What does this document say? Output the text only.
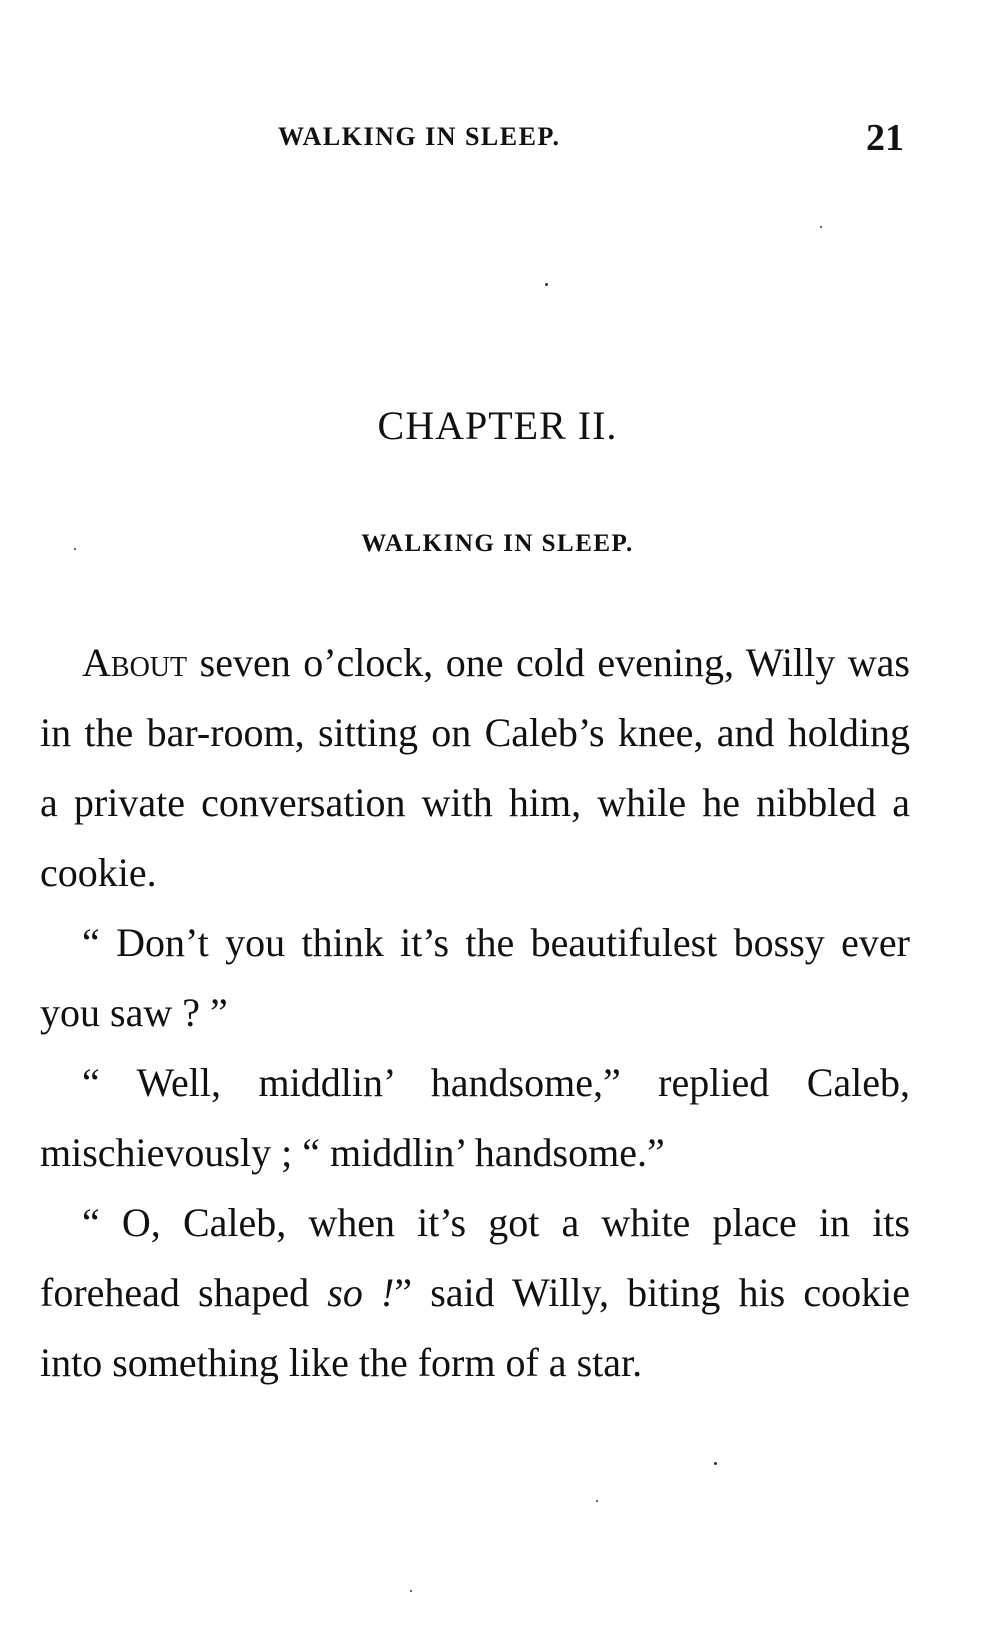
WALKING IN SLEEP.	21
CHAPTER II.
WALKING IN SLEEP.

About seven o’clock, one cold evening, Willy was in the bar-room, sitting on Caleb’s knee, and holding a private conversation with him, while he nibbled a cookie.

“ Don’t you think it’s the beautifulest bossy ever you saw ? ”

“ Well, middlin’ handsome,” replied Caleb, mischievously ; “ middlin’ handsome.”

“ O, Caleb, when it’s got a white place in its forehead shaped so !” said Willy, biting his cookie into something like the form of a star.
